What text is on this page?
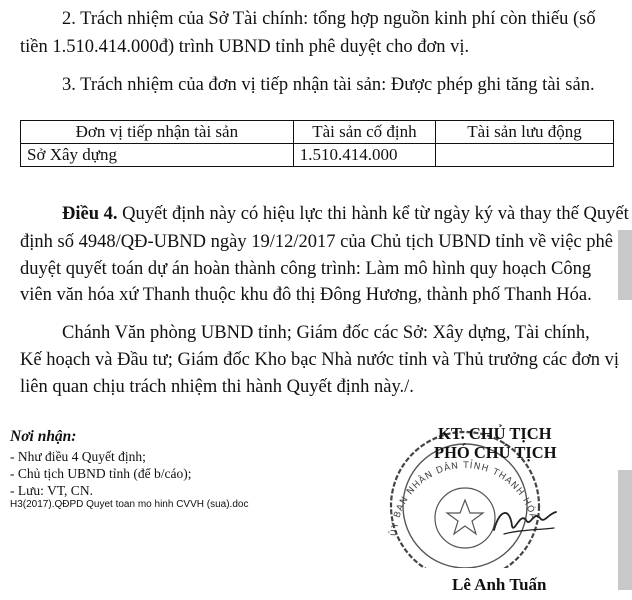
2. Trách nhiệm của Sở Tài chính: tổng hợp nguồn kinh phí còn thiếu (số
tiền 1.510.414.000đ) trình UBND tỉnh phê duyệt cho đơn vị.
3. Trách nhiệm của đơn vị tiếp nhận tài sản: Được phép ghi tăng tài sản.
Đơn vị tiếp nhận tài sản	Tài sản cố định	Tài sản lưu động
Sở Xây dựng	1.510.414.000	
Điều 4. Quyết định này có hiệu lực thi hành kể từ ngày ký và thay thế Quyết
định số 4948/QĐ-UBND ngày 19/12/2017 của Chủ tịch UBND tỉnh về việc phê
duyệt quyết toán dự án hoàn thành công trình: Làm mô hình quy hoạch Công
viên văn hóa xứ Thanh thuộc khu đô thị Đông Hương, thành phố Thanh Hóa.
Chánh Văn phòng UBND tỉnh; Giám đốc các Sở: Xây dựng, Tài chính,
Kế hoạch và Đầu tư; Giám đốc Kho bạc Nhà nước tỉnh và Thủ trưởng các đơn vị
liên quan chịu trách nhiệm thi hành Quyết định này./.
Nơi nhận:
- Như điều 4 Quyết định;
- Chủ tịch UBND tỉnh (để b/cáo);
- Lưu: VT, CN.
H3(2017).QĐPD Quyet toan mo hinh CVVH (sua).doc
ỦY BAN NHÂN DÂN TỈNH THANH HÓA
KT. CHỦ TỊCH
PHÓ CHỦ TỊCH
Lê Anh Tuấn
